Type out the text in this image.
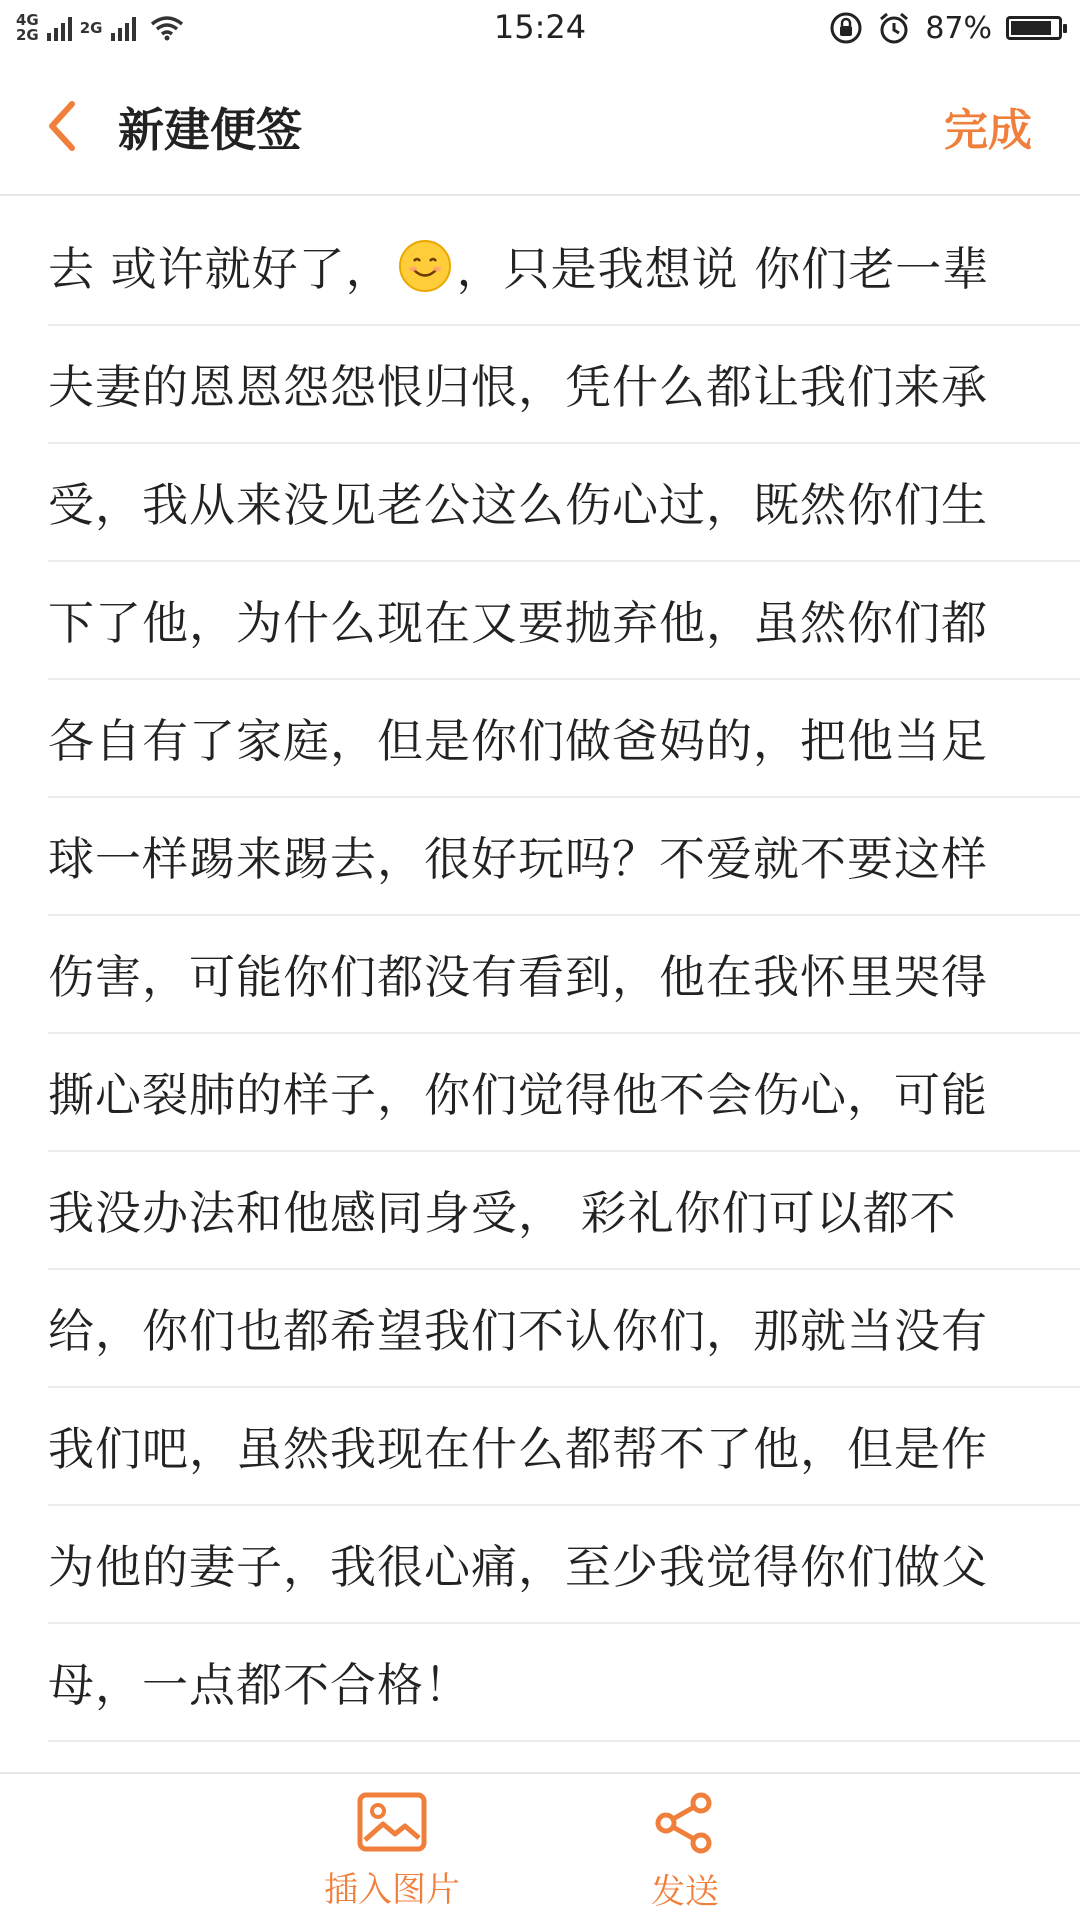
4G
2G	2G	15:24	87%
新建便签	完成
去 或许就好了， ，只是我想说 你们老一辈
夫妻的恩恩怨怨恨归恨，凭什么都让我们来承
受，我从来没见老公这么伤心过，既然你们生
下了他，为什么现在又要抛弃他，虽然你们都
各自有了家庭，但是你们做爸妈的，把他当足
球一样踢来踢去，很好玩吗？不爱就不要这样
伤害，可能你们都没有看到，他在我怀里哭得
撕心裂肺的样子，你们觉得他不会伤心，可能
我没办法和他感同身受， 彩礼你们可以都不
给，你们也都希望我们不认你们，那就当没有
我们吧，虽然我现在什么都帮不了他，但是作
为他的妻子，我很心痛，至少我觉得你们做父
母，一点都不合格！
插入图片	发送
